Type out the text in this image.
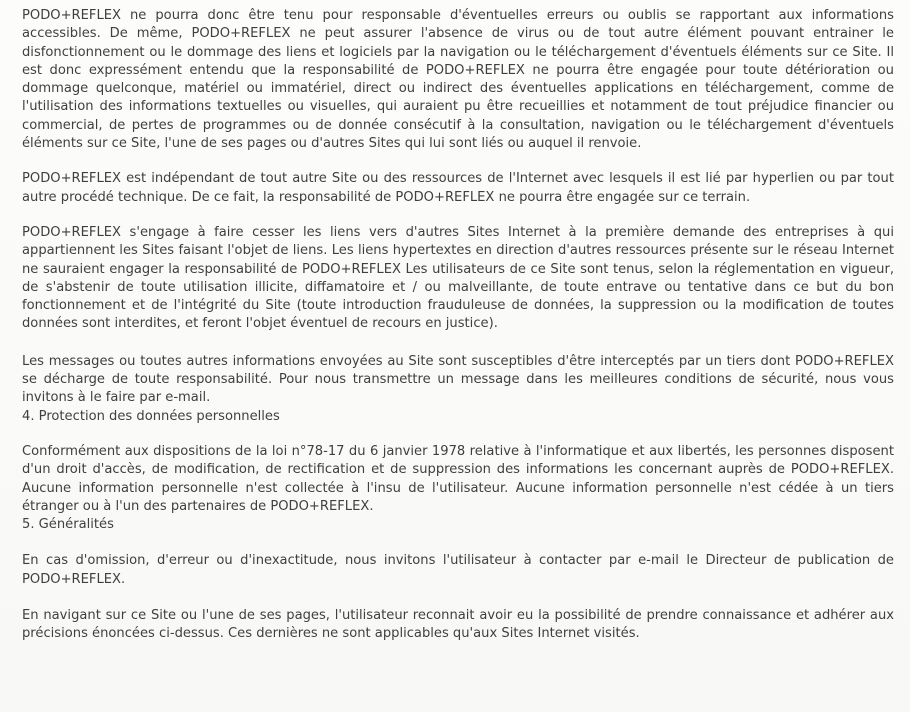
PODO+REFLEX ne pourra donc être tenu pour responsable d'éventuelles erreurs ou oublis se rapportant aux informations accessibles. De même, PODO+REFLEX ne peut assurer l'absence de virus ou de tout autre élément pouvant entrainer le disfonctionnement ou le dommage des liens et logiciels par la navigation ou le téléchargement d'éventuels éléments sur ce Site. Il est donc expressément entendu que la responsabilité de PODO+REFLEX ne pourra être engagée pour toute détérioration ou dommage quelconque, matériel ou immatériel, direct ou indirect des éventuelles applications en téléchargement, comme de l'utilisation des informations textuelles ou visuelles, qui auraient pu être recueillies et notamment de tout préjudice financier ou commercial, de pertes de programmes ou de donnée consécutif à la consultation, navigation ou le téléchargement d'éventuels éléments sur ce Site, l'une de ses pages ou d'autres Sites qui lui sont liés ou auquel il renvoie.

PODO+REFLEX est indépendant de tout autre Site ou des ressources de l'Internet avec lesquels il est lié par hyperlien ou par tout autre procédé technique. De ce fait, la responsabilité de PODO+REFLEX ne pourra être engagée sur ce terrain.

PODO+REFLEX s'engage à faire cesser les liens vers d'autres Sites Internet à la première demande des entreprises à qui appartiennent les Sites faisant l'objet de liens. Les liens hypertextes en direction d'autres ressources présente sur le réseau Internet ne sauraient engager la responsabilité de PODO+REFLEX Les utilisateurs de ce Site sont tenus, selon la réglementation en vigueur, de s'abstenir de toute utilisation illicite, diffamatoire et / ou malveillante, de toute entrave ou tentative dans ce but du bon fonctionnement et de l'intégrité du Site (toute introduction frauduleuse de données, la suppression ou la modification de toutes données sont interdites, et feront l'objet éventuel de recours en justice).

Les messages ou toutes autres informations envoyées au Site sont susceptibles d'être interceptés par un tiers dont PODO+REFLEX se décharge de toute responsabilité. Pour nous transmettre un message dans les meilleures conditions de sécurité, nous vous invitons à le faire par e-mail.

4. Protection des données personnelles

Conformément aux dispositions de la loi n°78-17 du 6 janvier 1978 relative à l'informatique et aux libertés, les personnes disposent d'un droit d'accès, de modification, de rectification et de suppression des informations les concernant auprès de PODO+REFLEX. Aucune information personnelle n'est collectée à l'insu de l'utilisateur. Aucune information personnelle n'est cédée à un tiers étranger ou à l'un des partenaires de PODO+REFLEX.

5. Généralités

En cas d'omission, d'erreur ou d'inexactitude, nous invitons l'utilisateur à contacter par e-mail le Directeur de publication de PODO+REFLEX.

En navigant sur ce Site ou l'une de ses pages, l'utilisateur reconnait avoir eu la possibilité de prendre connaissance et adhérer aux précisions énoncées ci-dessus. Ces dernières ne sont applicables qu'aux Sites Internet visités.
